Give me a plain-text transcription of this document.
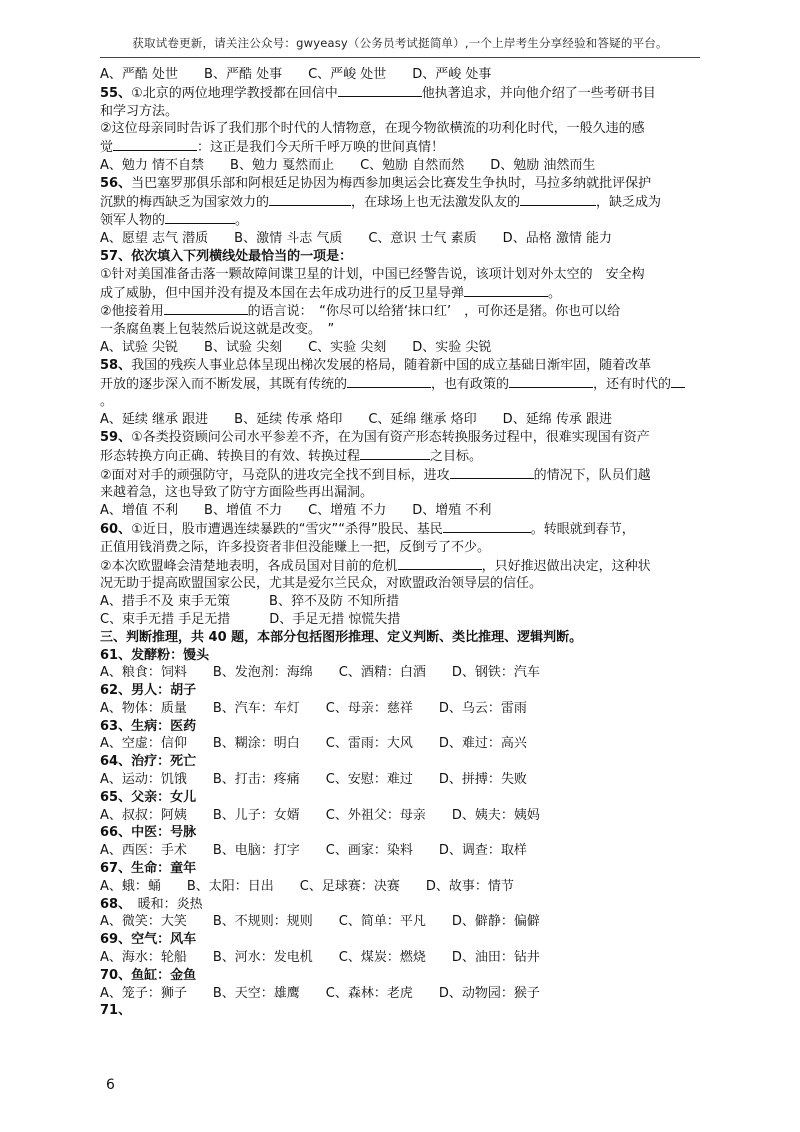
获取试卷更新，请关注公众号：gwyeasy（公务员考试挺简单）,一个上岸考生分享经验和答疑的平台。
A、严酷 处世　　B、严酷 处事　　C、严峻 处世　　D、严峻 处事
55、①北京的两位地理学教授都在回信中	他执著追求，并向他介绍了一些考研书目
和学习方法。
②这位母亲同时告诉了我们那个时代的人情物意，在现今物欲横流的功利化时代，一般久违的感
觉	：这正是我们今天所千呼万唤的世间真情！
A、勉力 情不自禁　　B、勉力 戛然而止　　C、勉励 自然而然　　D、勉励 油然而生
56、当巴塞罗那俱乐部和阿根廷足协因为梅西参加奥运会比赛发生争执时，马拉多纳就批评保护
沉默的梅西缺乏为国家效力的	，在球场上也无法激发队友的	，缺乏成为
领军人物的	。
A、愿望 志气 潜质　　B、激情 斗志 气质　　C、意识 士气 素质　　D、品格 激情 能力
57、依次填入下列横线处最恰当的一项是：
①针对美国准备击落一颗故障间谍卫星的计划，中国已经警告说，该项计划对外太空的　安全构
成了威胁，但中国并没有提及本国在去年成功进行的反卫星导弹	。
②他接着用	的语言说：　“你尽可以给猪‘抹口红’　，可你还是猪。你也可以给
一条腐鱼裹上包装然后说这就是改变。　”
A、试验 尖锐　　B、试验 尖刻　　C、实验 尖刻　　D、实验 尖锐
58、我国的残疾人事业总体呈现出梯次发展的格局，随着新中国的成立基础日渐牢固，随着改革
开放的逐步深入而不断发展，其既有传统的	，也有政策的	，还有时代的
。
A、延续 继承 跟进　　B、延续 传承 烙印　　C、延绵 继承 烙印　　D、延绵 传承 跟进
59、①各类投资顾问公司水平参差不齐，在为国有资产形态转换服务过程中，很难实现国有资产
形态转换方向正确、转换目的有效、转换过程	之目标。
②面对对手的顽强防守，马竞队的进攻完全找不到目标，进攻	的情况下，队员们越
来越着急，这也导致了防守方面险些再出漏洞。
A、增值 不利　　B、增值 不力　　C、增殖 不力　　D、增殖 不利
60、①近日，股市遭遇连续暴跌的“雪灾”“杀得”股民、基民	。转眼就到春节，
正值用钱消费之际，许多投资者非但没能赚上一把，反倒亏了不少。
②本次欧盟峰会清楚地表明，各成员国对目前的危机	，只好推迟做出决定，这种状
况无助于提高欧盟国家公民，尤其是爱尔兰民众，对欧盟政治领导层的信任。
A、措手不及 束手无策　　　B、猝不及防 不知所措
C、束手无措 手足无措　　　D、手足无措 惊慌失措
三、判断推理，共 40 题，本部分包括图形推理、定义判断、类比推理、逻辑判断。
61、发酵粉：馒头
A、粮食：饲料　　B、发泡剂：海绵　　C、酒精：白酒　　D、钢铁：汽车
62、男人：胡子
A、物体：质量　　B、汽车：车灯　　C、母亲：慈祥　　D、乌云：雷雨
63、生病：医药
A、空虚：信仰　　B、糊涂：明白　　C、雷雨：大风　　D、难过：高兴
64、治疗：死亡
A、运动：饥饿　　B、打击：疼痛　　C、安慰：难过　　D、拼搏：失败
65、父亲：女儿
A、叔叔：阿姨　　B、儿子：女婿　　C、外祖父：母亲　　D、姨夫：姨妈
66、中医：号脉
A、西医：手术　　B、电脑：打字　　C、画家：染料　　D、调查：取样
67、生命：童年
A、蛾：蛹　　B、太阳：日出　　C、足球赛：决赛　　D、故事：情节
68、　暖和：炎热
A、微笑：大笑　　B、不规则：规则　　C、简单：平凡　　D、僻静：偏僻
69、空气：风车
A、海水：轮船　　B、河水：发电机　　C、煤炭：燃烧　　D、油田：钻井
70、鱼缸：金鱼
A、笼子：狮子　　B、天空：雄鹰　　C、森林：老虎　　D、动物园：猴子
71、
6
